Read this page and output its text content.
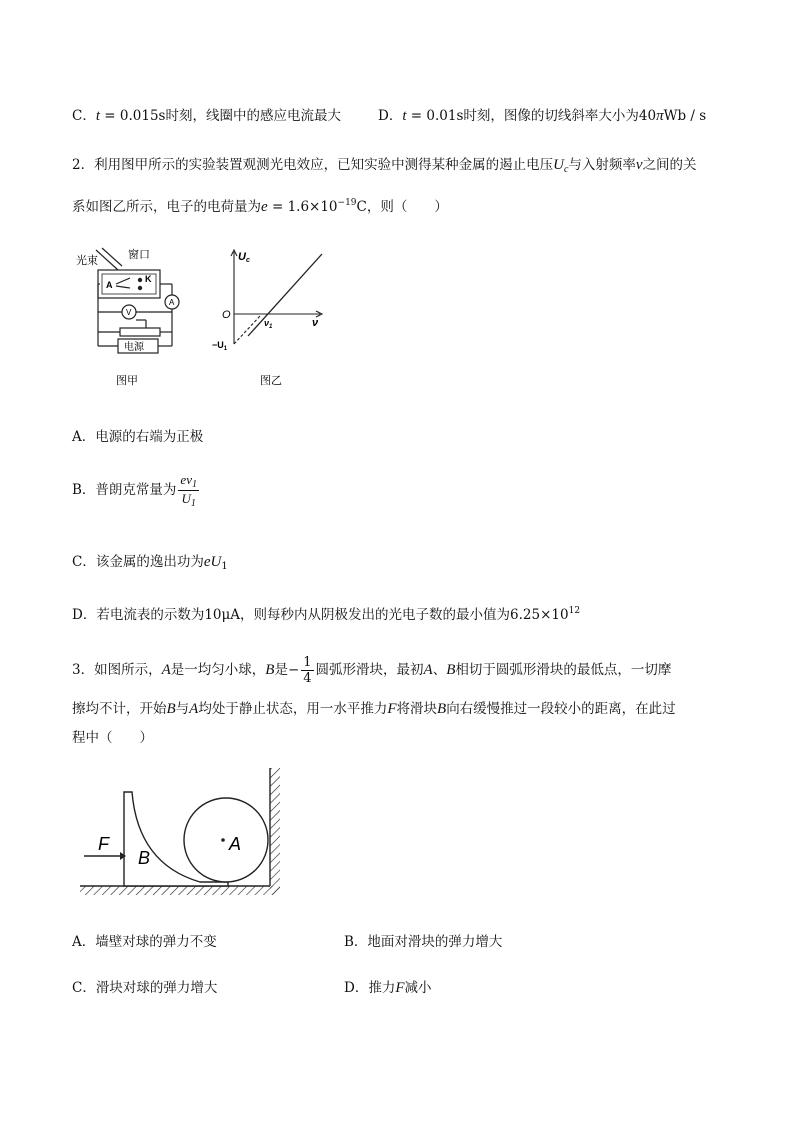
C．t = 0.015s时刻，线圈中的感应电流最大	D．t = 0.01s时刻，图像的切线斜率大小为40πWb / s
2．利用图甲所示的实验装置观测光电效应，已知实验中测得某种金属的遏止电压$U_c$与入射频率ν之间的关
系如图乙所示，电子的电荷量为$e = 1.6\times 10^{-19}C$，则（　　）
光束	窗口
A
K
A
V
电源
图甲
Uc
ν
O
$\nu_1$
$-U_1$
图乙
A．电源的右端为正极
B．普朗克常量为 $\frac{e\nu_1}{U_1}$
C．该金属的逸出功为$eU_1$
D．若电流表的示数为10μA，则每秒内从阴极发出的光电子数的最小值为$6.25\times 10^{12}$
3．如图所示，A是一均匀小球，B是− $\frac{1}{4}$ 圆弧形滑块，最初A、B相切于圆弧形滑块的最低点，一切摩
擦均不计，开始B与A均处于静止状态，用一水平推力F将滑块B向右缓慢推过一段较小的距离，在此过
程中（　　）
F
B
A
A．墙壁对球的弹力不变	B．地面对滑块的弹力增大
C．滑块对球的弹力增大	D．推力F减小
